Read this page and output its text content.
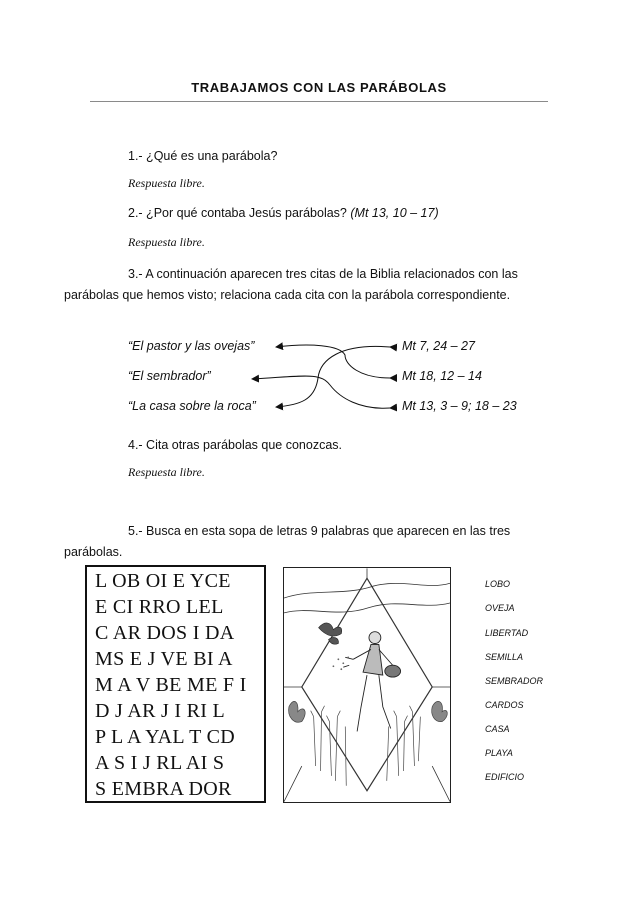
TRABAJAMOS CON LAS PARÁBOLAS
1.- ¿Qué es una parábola?
Respuesta libre.
2.- ¿Por qué contaba Jesús parábolas? (Mt 13, 10 – 17)
Respuesta libre.
3.- A continuación aparecen tres citas de la Biblia relacionados con las parábolas que hemos visto; relaciona cada cita con la parábola correspondiente.
“El pastor y las ovejas”
“El sembrador”
“La casa sobre la roca”
Mt 7, 24 – 27
Mt 18, 12 – 14
Mt 13, 3 – 9; 18 – 23
4.- Cita otras parábolas que conozcas.
Respuesta libre.
5.- Busca en esta sopa de letras 9 palabras que aparecen en las tres parábolas.
L OB OI E YCE
E CI RRO LEL
C AR DOS I DA
MS E J VE BI A
M A V BE ME F I
D J AR J I RI L
P L A YAL T CD
A S I J RL AI S
S EMBRA DOR
LOBO
OVEJA
LIBERTAD
SEMILLA
SEMBRADOR
CARDOS
CASA
PLAYA
EDIFICIO
